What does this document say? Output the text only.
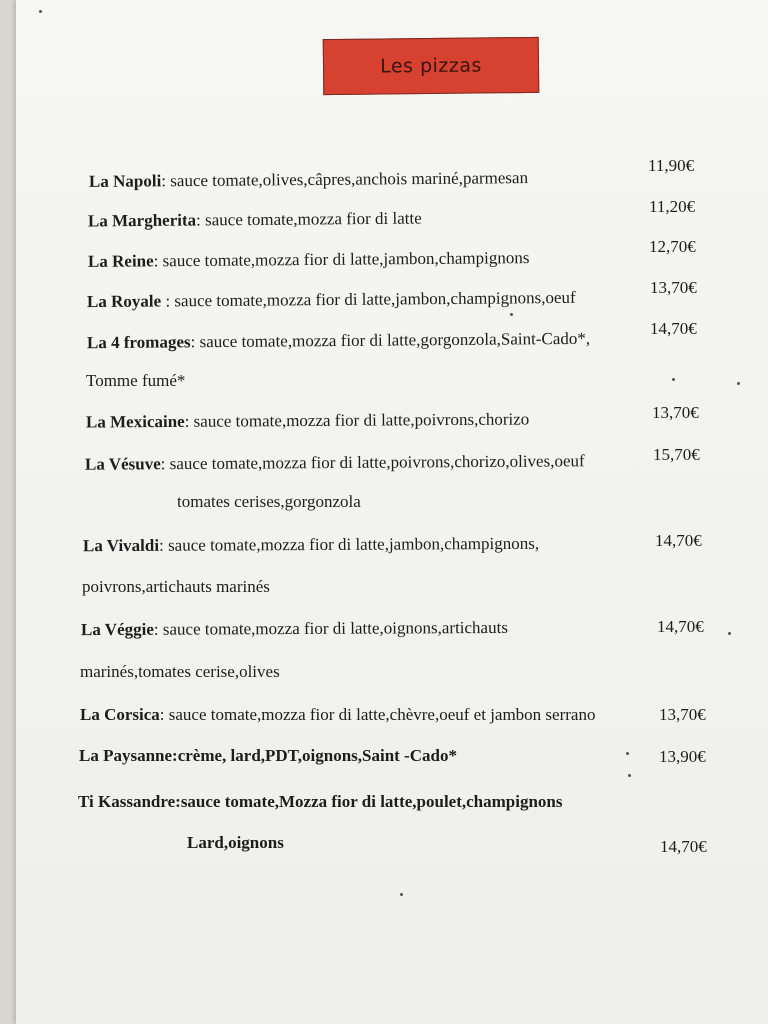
Les pizzas
La Napoli: sauce tomate,olives,câpres,anchois mariné,parmesan
11,90€
La Margherita: sauce tomate,mozza fior di latte
11,20€
La Reine: sauce tomate,mozza fior di latte,jambon,champignons
12,70€
La Royale : sauce tomate,mozza fior di latte,jambon,champignons,oeuf
13,70€
La 4 fromages: sauce tomate,mozza fior di latte,gorgonzola,Saint-Cado*,
Tomme fumé*
14,70€
La Mexicaine: sauce tomate,mozza fior di latte,poivrons,chorizo	13,70€
La Vésuve: sauce tomate,mozza fior di latte,poivrons,chorizo,olives,oeuf
tomates cerises,gorgonzola
15,70€
La Vivaldi: sauce tomate,mozza fior di latte,jambon,champignons,
poivrons,artichauts marinés
14,70€
La Véggie: sauce tomate,mozza fior di latte,oignons,artichauts
marinés,tomates cerise,olives
14,70€
La Corsica: sauce tomate,mozza fior di latte,chèvre,oeuf et jambon serrano	13,70€
La Paysanne:crème, lard,PDT,oignons,Saint -Cado*	13,90€
Ti Kassandre:sauce tomate,Mozza fior di latte,poulet,champignons
Lard,oignons	14,70€
